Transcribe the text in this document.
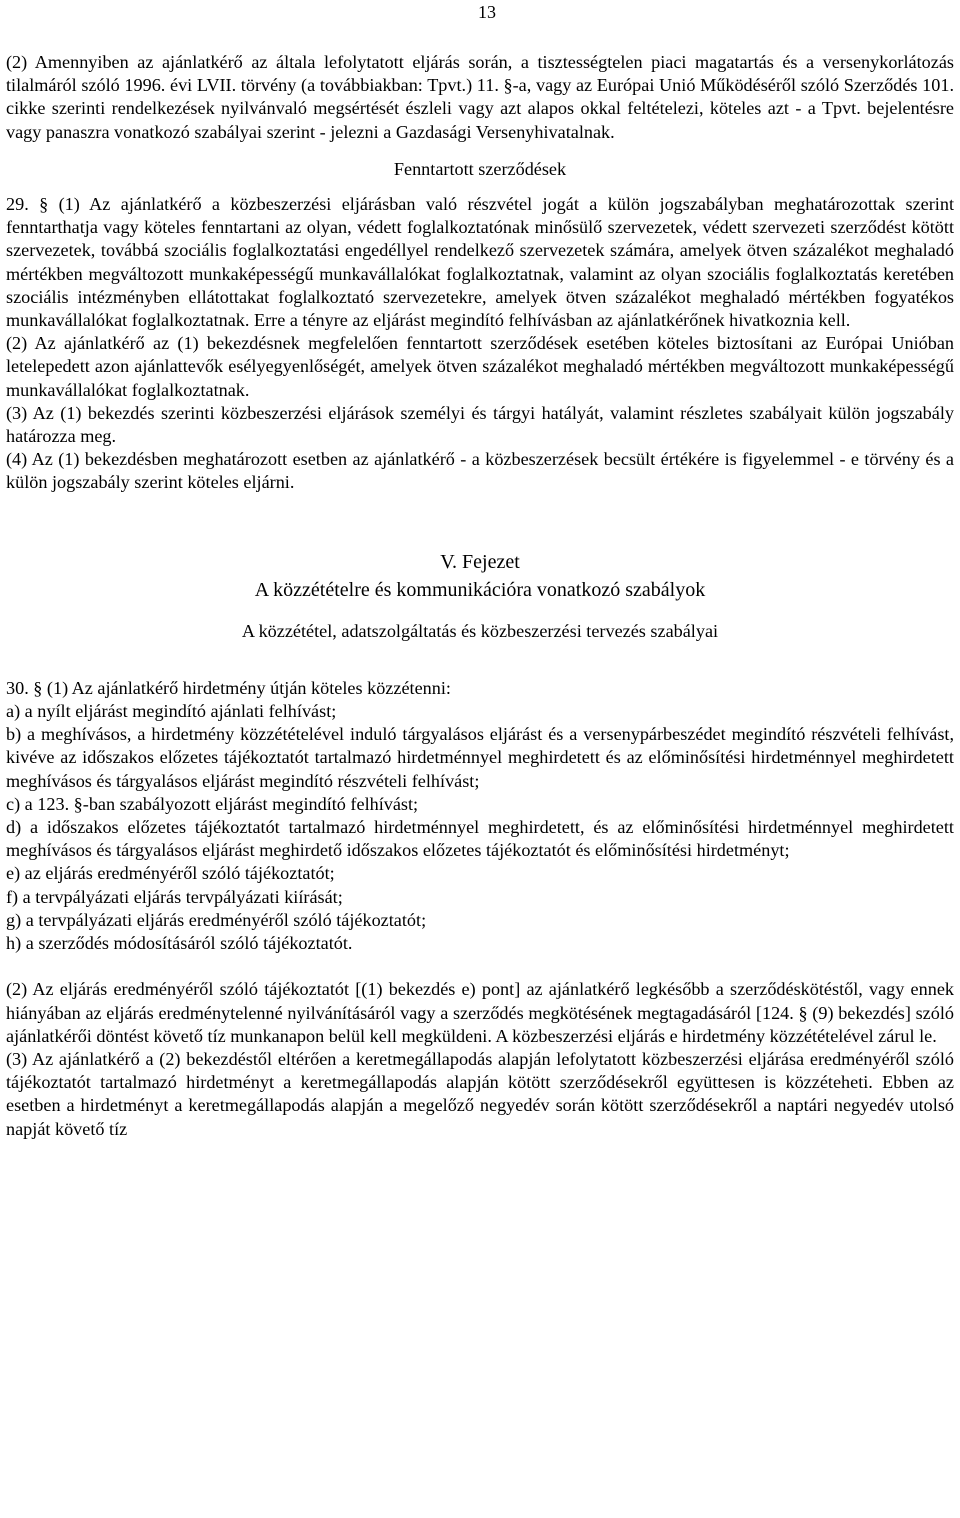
13

(2) Amennyiben az ajánlatkérő az általa lefolytatott eljárás során, a tisztességtelen piaci magatartás és a versenykorlátozás tilalmáról szóló 1996. évi LVII. törvény (a továbbiakban: Tpvt.) 11. §-a, vagy az Európai Unió Működéséről szóló Szerződés 101. cikke szerinti rendelkezések nyilvánvaló megsértését észleli vagy azt alapos okkal feltételezi, köteles azt - a Tpvt. bejelentésre vagy panaszra vonatkozó szabályai szerint - jelezni a Gazdasági Versenyhivatalnak.

Fenntartott szerződések

29. § (1) Az ajánlatkérő a közbeszerzési eljárásban való részvétel jogát a külön jogszabályban meghatározottak szerint fenntarthatja vagy köteles fenntartani az olyan, védett foglalkoztatónak minősülő szervezetek, védett szervezeti szerződést kötött szervezetek, továbbá szociális foglalkoztatási engedéllyel rendelkező szervezetek számára, amelyek ötven százalékot meghaladó mértékben megváltozott munkaképességű munkavállalókat foglalkoztatnak, valamint az olyan szociális foglalkoztatás keretében szociális intézményben ellátottakat foglalkoztató szervezetekre, amelyek ötven százalékot meghaladó mértékben fogyatékos munkavállalókat foglalkoztatnak. Erre a tényre az eljárást megindító felhívásban az ajánlatkérőnek hivatkoznia kell.

(2) Az ajánlatkérő az (1) bekezdésnek megfelelően fenntartott szerződések esetében köteles biztosítani az Európai Unióban letelepedett azon ajánlattevők esélyegyenlőségét, amelyek ötven százalékot meghaladó mértékben megváltozott munkaképességű munkavállalókat foglalkoztatnak.

(3) Az (1) bekezdés szerinti közbeszerzési eljárások személyi és tárgyi hatályát, valamint részletes szabályait külön jogszabály határozza meg.

(4) Az (1) bekezdésben meghatározott esetben az ajánlatkérő - a közbeszerzések becsült értékére is figyelemmel - e törvény és a külön jogszabály szerint köteles eljárni.

V. Fejezet

A közzétételre és kommunikációra vonatkozó szabályok

A közzététel, adatszolgáltatás és közbeszerzési tervezés szabályai

30. § (1) Az ajánlatkérő hirdetmény útján köteles közzétenni:

a) a nyílt eljárást megindító ajánlati felhívást;

b) a meghívásos, a hirdetmény közzétételével induló tárgyalásos eljárást és a versenypárbeszédet megindító részvételi felhívást, kivéve az időszakos előzetes tájékoztatót tartalmazó hirdetménnyel meghirdetett és az előminősítési hirdetménnyel meghirdetett meghívásos és tárgyalásos eljárást megindító részvételi felhívást;

c) a 123. §-ban szabályozott eljárást megindító felhívást;

d) a időszakos előzetes tájékoztatót tartalmazó hirdetménnyel meghirdetett, és az előminősítési hirdetménnyel meghirdetett meghívásos és tárgyalásos eljárást meghirdető időszakos előzetes tájékoztatót és előminősítési hirdetményt;

e) az eljárás eredményéről szóló tájékoztatót;

f) a tervpályázati eljárás tervpályázati kiírását;

g) a tervpályázati eljárás eredményéről szóló tájékoztatót;

h) a szerződés módosításáról szóló tájékoztatót.

(2) Az eljárás eredményéről szóló tájékoztatót [(1) bekezdés e) pont] az ajánlatkérő legkésőbb a szerződéskötéstől, vagy ennek hiányában az eljárás eredménytelenné nyilvánításáról vagy a szerződés megkötésének megtagadásáról [124. § (9) bekezdés] szóló ajánlatkérői döntést követő tíz munkanapon belül kell megküldeni. A közbeszerzési eljárás e hirdetmény közzétételével zárul le.

(3) Az ajánlatkérő a (2) bekezdéstől eltérően a keretmegállapodás alapján lefolytatott közbeszerzési eljárása eredményéről szóló tájékoztatót tartalmazó hirdetményt a keretmegállapodás alapján kötött szerződésekről együttesen is közzéteheti. Ebben az esetben a hirdetményt a keretmegállapodás alapján a megelőző negyedév során kötött szerződésekről a naptári negyedév utolsó napját követő tíz
